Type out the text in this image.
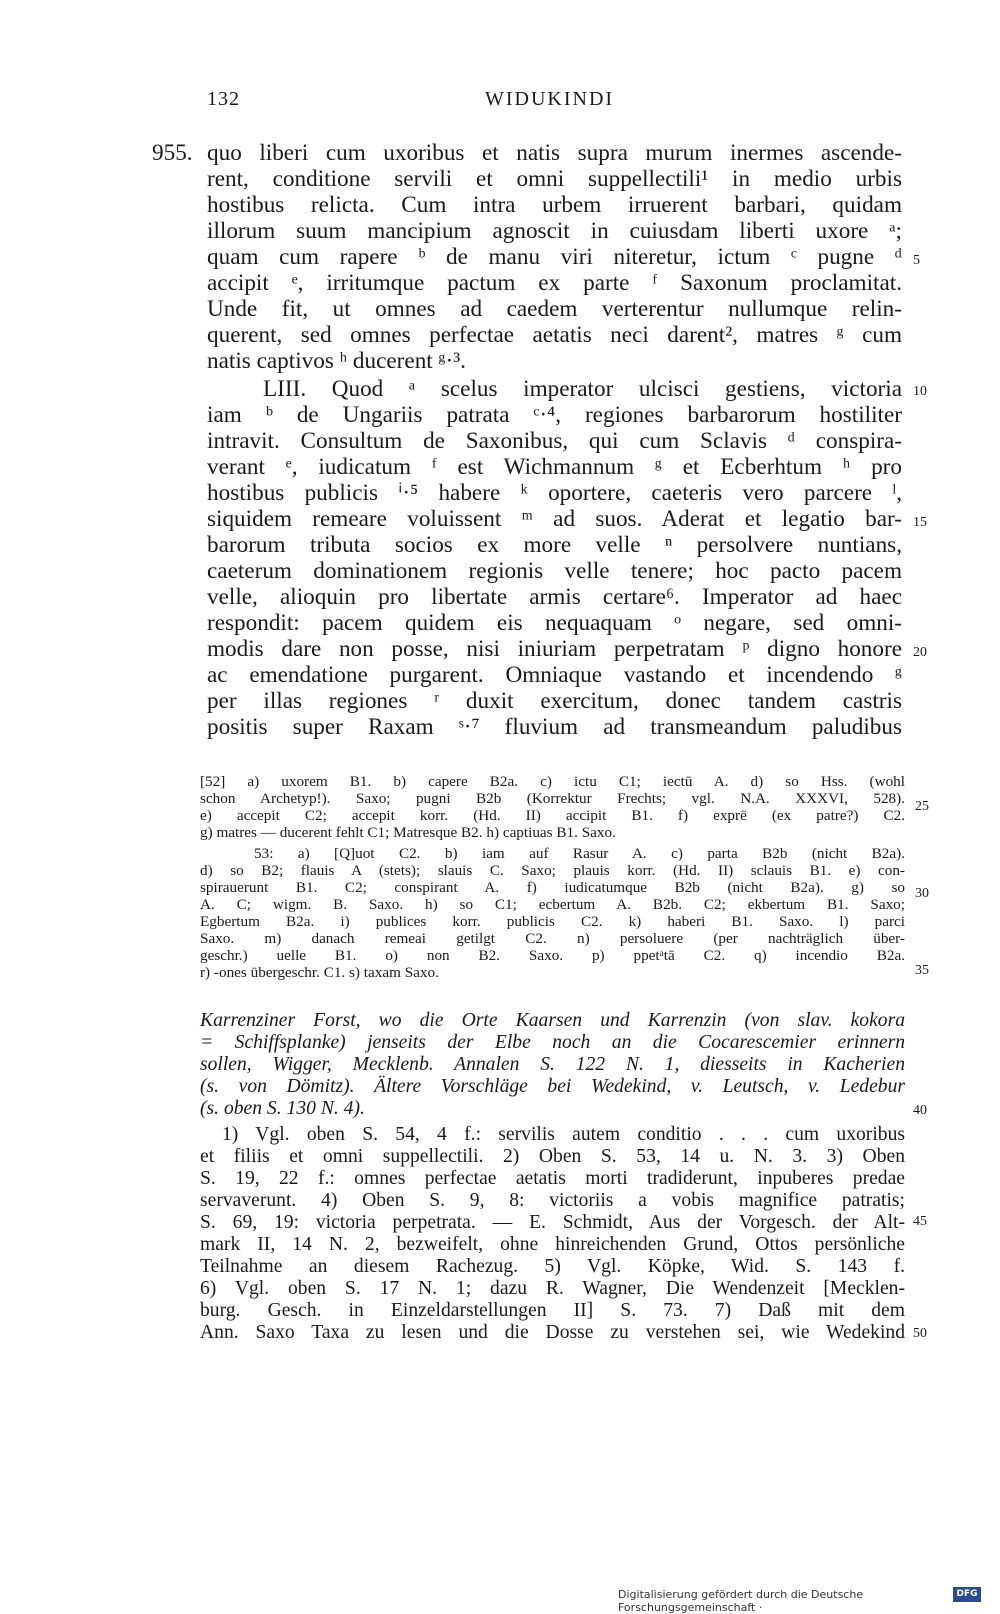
132	WIDUKINDI
955. quo liberi cum uxoribus et natis supra murum inermes ascende-
rent, conditione servili et omni suppellectili¹ in medio urbis
hostibus relicta. Cum intra urbem irruerent barbari, quidam
illorum suum mancipium agnoscit in cuiusdam liberti uxore ᵃ;
quam cum rapere ᵇ de manu viri niteretur, ictum ᶜ pugne ᵈ
accipit ᵉ, irritumque pactum ex parte ᶠ Saxonum proclamitat.
Unde fit, ut omnes ad caedem verterentur nullumque relin-
querent, sed omnes perfectae aetatis neci darent², matres ᵍ cum
natis captivos ʰ ducerent ᵍ·³.
LIII. Quod ᵃ scelus imperator ulcisci gestiens, victoria
iam ᵇ de Ungariis patrata ᶜ·⁴, regiones barbarorum hostiliter
intravit. Consultum de Saxonibus, qui cum Sclavis ᵈ conspira-
verant ᵉ, iudicatum ᶠ est Wichmannum ᵍ et Ecberhtum ʰ pro
hostibus publicis ⁱ·⁵ habere ᵏ oportere, caeteris vero parcere ˡ,
siquidem remeare voluissent ᵐ ad suos. Aderat et legatio bar-
barorum tributa socios ex more velle ⁿ persolvere nuntians,
caeterum dominationem regionis velle tenere; hoc pacto pacem
velle, alioquin pro libertate armis certare⁶. Imperator ad haec
respondit: pacem quidem eis nequaquam ᵒ negare, sed omni-
modis dare non posse, nisi iniuriam perpetratam ᵖ digno honore
ac emendatione purgarent. Omniaque vastando et incendendo ᵍ
per illas regiones ʳ duxit exercitum, donec tandem castris
positis super Raxam ˢ·⁷ fluvium ad transmeandum paludibus
5
10
15
20
[52] a) uxorem B1. b) capere B2a. c) ictu C1; iectū A. d) so Hss. (wohl
schon Archetyp!). Saxo; pugni B2b (Korrektur Frechts; vgl. N.A. XXXVI, 528).
e) accepit C2; accepit korr. (Hd. II) accipit B1. f) exprē (ex patre?) C2.
g) matres — ducerent fehlt C1; Matresque B2. h) captiuas B1. Saxo.
53: a) [Q]uot C2. b) iam auf Rasur A. c) parta B2b (nicht B2a).
d) so B2; flauis A (stets); slauis C. Saxo; plauis korr. (Hd. II) sclauis B1. e) con-
spirauerunt B1. C2; conspirant A. f) iudicatumque B2b (nicht B2a). g) so
A. C; wigm. B. Saxo. h) so C1; ecbertum A. B2b. C2; ekbertum B1. Saxo;
Egbertum B2a. i) publices korr. publicis C2. k) haberi B1. Saxo. l) parci
Saxo. m) danach remeai getilgt C2. n) persoluere (per nachträglich über-
geschr.) uelle B1. o) non B2. Saxo. p) ppetᵃtā C2. q) incendio B2a.
r) -ones übergeschr. C1. s) taxam Saxo.
25
30
35
Karrenziner Forst, wo die Orte Kaarsen und Karrenzin (von slav. kokora
= Schiffsplanke) jenseits der Elbe noch an die Cocarescemier erinnern
sollen, Wigger, Mecklenb. Annalen S. 122 N. 1, diesseits in Kacherien
(s. von Dömitz). Ältere Vorschläge bei Wedekind, v. Leutsch, v. Ledebur
(s. oben S. 130 N. 4).
1) Vgl. oben S. 54, 4 f.: servilis autem conditio . . . cum uxoribus
et filiis et omni suppellectili. 2) Oben S. 53, 14 u. N. 3. 3) Oben
S. 19, 22 f.: omnes perfectae aetatis morti tradiderunt, inpuberes predae
servaverunt. 4) Oben S. 9, 8: victoriis a vobis magnifice patratis;
S. 69, 19: victoria perpetrata. — E. Schmidt, Aus der Vorgesch. der Alt-
mark II, 14 N. 2, bezweifelt, ohne hinreichenden Grund, Ottos persönliche
Teilnahme an diesem Rachezug. 5) Vgl. Köpke, Wid. S. 143 f.
6) Vgl. oben S. 17 N. 1; dazu R. Wagner, Die Wendenzeit [Mecklen-
burg. Gesch. in Einzeldarstellungen II] S. 73. 7) Daß mit dem
Ann. Saxo Taxa zu lesen und die Dosse zu verstehen sei, wie Wedekind
40
45
50
Digitalisierung gefördert durch die Deutsche Forschungsgemeinschaft ·
DFG
